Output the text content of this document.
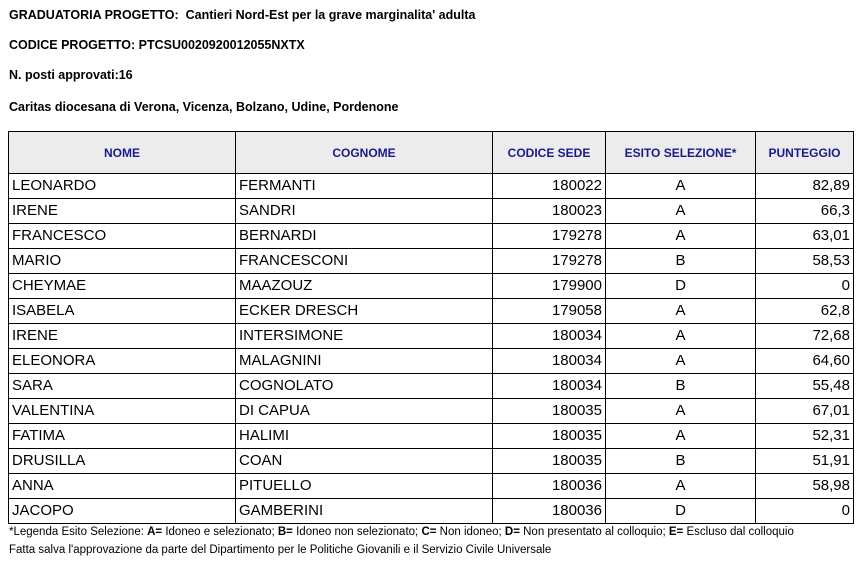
GRADUATORIA PROGETTO: Cantieri Nord-Est per la grave marginalita' adulta
CODICE PROGETTO: PTCSU0020920012055NXTX
N. posti approvati:16
Caritas diocesana di Verona, Vicenza, Bolzano, Udine, Pordenone
NOME	COGNOME	CODICE SEDE	ESITO SELEZIONE*	PUNTEGGIO
LEONARDO	FERMANTI	180022	A	82,89
IRENE	SANDRI	180023	A	66,3
FRANCESCO	BERNARDI	179278	A	63,01
MARIO	FRANCESCONI	179278	B	58,53
CHEYMAE	MAAZOUZ	179900	D	0
ISABELA	ECKER DRESCH	179058	A	62,8
IRENE	INTERSIMONE	180034	A	72,68
ELEONORA	MALAGNINI	180034	A	64,60
SARA	COGNOLATO	180034	B	55,48
VALENTINA	DI CAPUA	180035	A	67,01
FATIMA	HALIMI	180035	A	52,31
DRUSILLA	COAN	180035	B	51,91
ANNA	PITUELLO	180036	A	58,98
JACOPO	GAMBERINI	180036	D	0
*Legenda Esito Selezione: A= Idoneo e selezionato; B= Idoneo non selezionato; C= Non idoneo; D= Non presentato al colloquio; E= Escluso dal colloquio
Fatta salva l'approvazione da parte del Dipartimento per le Politiche Giovanili e il Servizio Civile Universale
